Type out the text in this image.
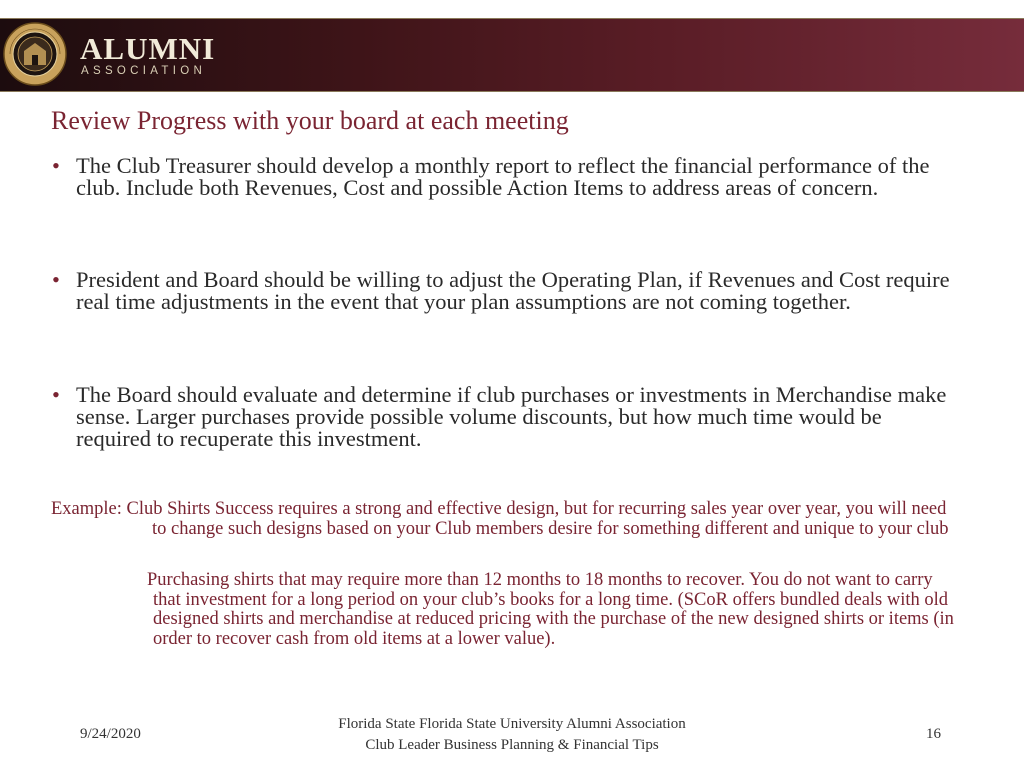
ALUMNI
ASSOCIATION
Review Progress with your board at each meeting
• The Club Treasurer should develop a monthly report to reflect the financial performance of the club. Include both Revenues, Cost and possible Action Items to address areas of concern.
• President and Board should be willing to adjust the Operating Plan, if Revenues and Cost require real time adjustments in the event that your plan assumptions are not coming together.
• The Board should evaluate and determine if club purchases or investments in Merchandise make sense. Larger purchases provide possible volume discounts, but how much time would be required to recuperate this investment.
Example: Club Shirts Success requires a strong and effective design, but for recurring sales year over year, you will need to change such designs based on your Club members desire for something different and unique to your club
Purchasing shirts that may require more than 12 months to 18 months to recover. You do not want to carry that investment for a long period on your club’s books for a long time. (SCoR offers bundled deals with old designed shirts and merchandise at reduced pricing with the purchase of the new designed shirts or items (in order to recover cash from old items at a lower value).
9/24/2020
Florida State Florida State University Alumni Association
Club Leader Business Planning & Financial Tips
16
